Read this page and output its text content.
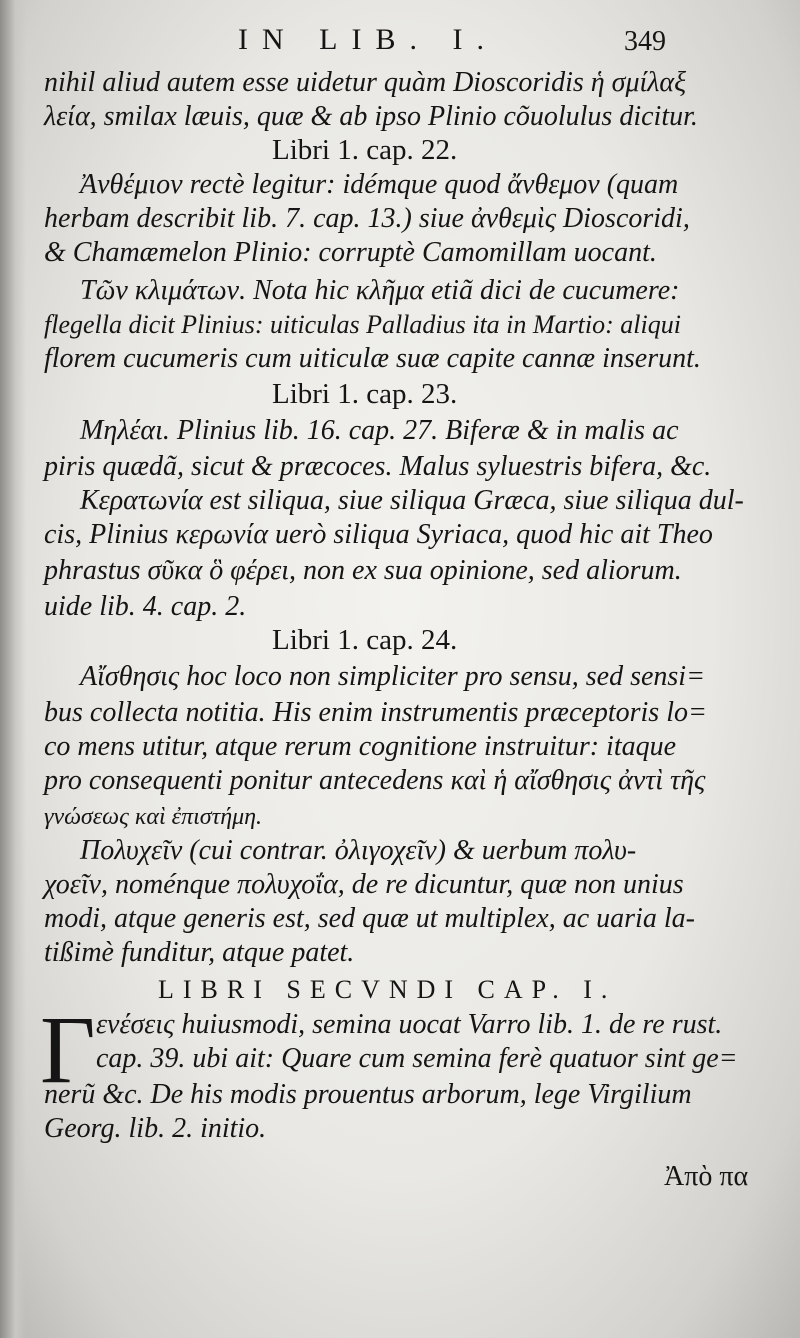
IN LIB. I.	349
nihil aliud autem esse uidetur quàm Dioscoridis ἡ σμίλαξ
λεία, smilax læuis, quæ & ab ipso Plinio cõuolulus dicitur.
Libri 1. cap. 22.
Ἀνθέμιον rectè legitur: idémque quod ἄνθεμον (quam
herbam describit lib. 7. cap. 13.) siue ἀνθεμὶς Dioscoridi,
& Chamæmelon Plinio: corruptè Camomillam uocant.
Τῶν κλιμάτων. Nota hic κλῆμα etiã dici de cucumere:
flegella dicit Plinius: uiticulas Palladius ita in Martio: aliqui
florem cucumeris cum uiticulæ suæ capite cannæ inserunt.
Libri 1. cap. 23.
Μηλέαι. Plinius lib. 16. cap. 27. Biferæ & in malis ac
piris quædã, sicut & præcoces. Malus syluestris bifera, &c.
Κερατωνία est siliqua, siue siliqua Græca, siue siliqua dul-
cis, Plinius κερωνία uerò siliqua Syriaca, quod hic ait Theo
phrastus σῦκα ὃ φέρει, non ex sua opinione, sed aliorum.
uide lib. 4. cap. 2.
Libri 1. cap. 24.
Αἴσθησις hoc loco non simpliciter pro sensu, sed sensi=
bus collecta notitia. His enim instrumentis præceptoris lo=
co mens utitur, atque rerum cognitione instruitur: itaque
pro consequenti ponitur antecedens καὶ ἡ αἴσθησις ἀντὶ τῆς
γνώσεως καὶ ἐπιστήμη.
Πολυχεῖν (cui contrar. ὀλιγοχεῖν) & uerbum πολυ-
χοεῖν, noménque πολυχοΐα, de re dicuntur, quæ non unius
modi, atque generis est, sed quæ ut multiplex, ac uaria la-
tißimè funditur, atque patet.
LIBRI SECVNDI CAP. I.
Γ ενέσεις huiusmodi, semina uocat Varro lib. 1. de re rust.
cap. 39. ubi ait: Quare cum semina ferè quatuor sint ge=
nerũ &c. De his modis prouentus arborum, lege Virgilium
Georg. lib. 2. initio.
Ἀπὸ πα
